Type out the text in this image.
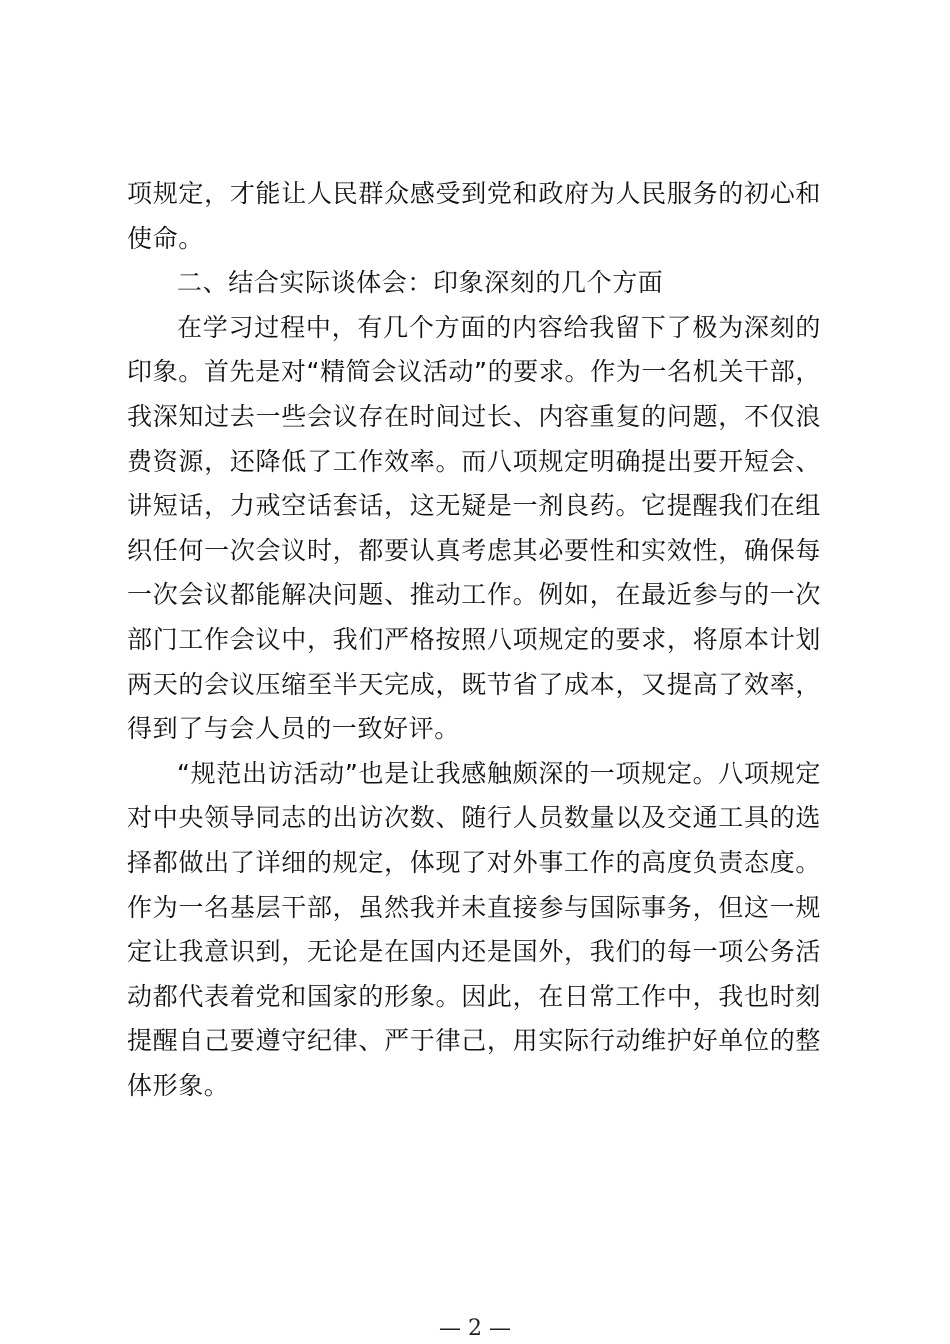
项规定，才能让人民群众感受到党和政府为人民服务的初心和使命。

二、结合实际谈体会：印象深刻的几个方面

在学习过程中，有几个方面的内容给我留下了极为深刻的印象。首先是对“精简会议活动”的要求。作为一名机关干部，我深知过去一些会议存在时间过长、内容重复的问题，不仅浪费资源，还降低了工作效率。而八项规定明确提出要开短会、讲短话，力戒空话套话，这无疑是一剂良药。它提醒我们在组织任何一次会议时，都要认真考虑其必要性和实效性，确保每一次会议都能解决问题、推动工作。例如，在最近参与的一次部门工作会议中，我们严格按照八项规定的要求，将原本计划两天的会议压缩至半天完成，既节省了成本，又提高了效率，得到了与会人员的一致好评。

“规范出访活动”也是让我感触颇深的一项规定。八项规定对中央领导同志的出访次数、随行人员数量以及交通工具的选择都做出了详细的规定，体现了对外事工作的高度负责态度。作为一名基层干部，虽然我并未直接参与国际事务，但这一规定让我意识到，无论是在国内还是国外，我们的每一项公务活动都代表着党和国家的形象。因此，在日常工作中，我也时刻提醒自己要遵守纪律、严于律己，用实际行动维护好单位的整体形象。

— 2 —
